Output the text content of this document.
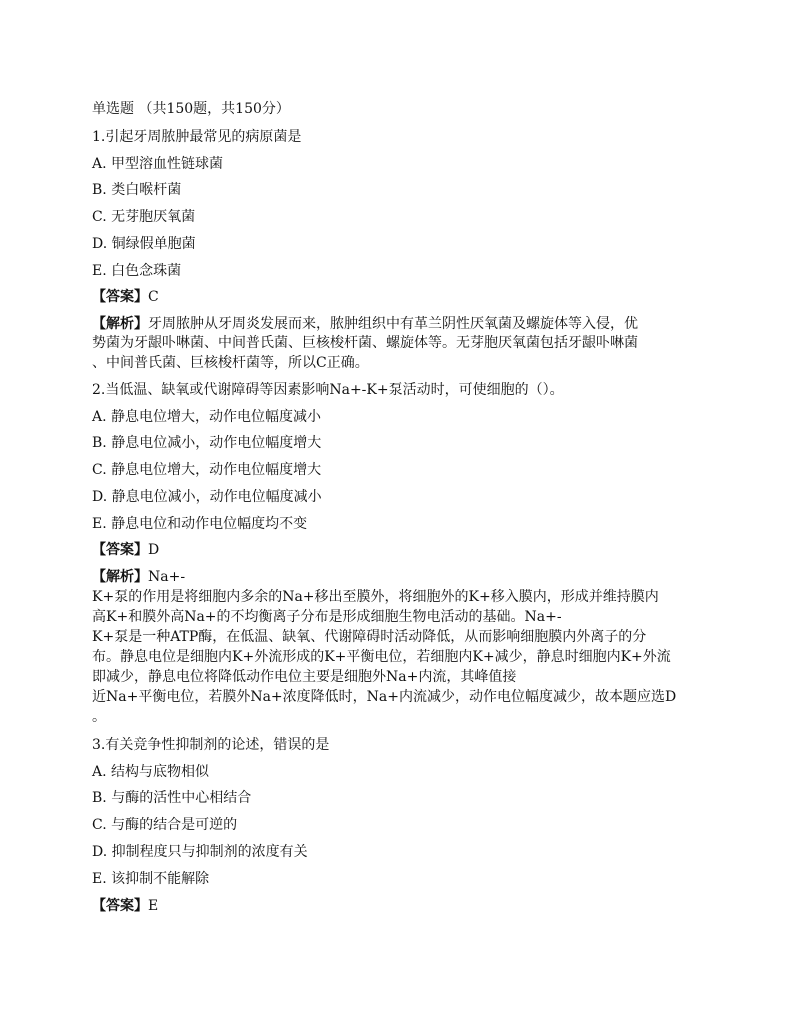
单选题 （共150题，共150分）
1.引起牙周脓肿最常见的病原菌是
A. 甲型溶血性链球菌
B. 类白喉杆菌
C. 无芽胞厌氧菌
D. 铜绿假单胞菌
E. 白色念珠菌
【答案】C
【解析】牙周脓肿从牙周炎发展而来，脓肿组织中有革兰阴性厌氧菌及螺旋体等入侵，优
势菌为牙龈卟啉菌、中间普氏菌、巨核梭杆菌、螺旋体等。无芽胞厌氧菌包括牙龈卟啉菌
、中间普氏菌、巨核梭杆菌等，所以C正确。
2.当低温、缺氧或代谢障碍等因素影响Na+-K+泵活动时，可使细胞的（）。
A. 静息电位增大，动作电位幅度减小
B. 静息电位减小，动作电位幅度增大
C. 静息电位增大，动作电位幅度增大
D. 静息电位减小，动作电位幅度减小
E. 静息电位和动作电位幅度均不变
【答案】D
【解析】Na+-
K+泵的作用是将细胞内多余的Na+移出至膜外，将细胞外的K+移入膜内，形成并维持膜内
高K+和膜外高Na+的不均衡离子分布是形成细胞生物电活动的基础。Na+-
K+泵是一种ATP酶，在低温、缺氧、代谢障碍时活动降低，从而影响细胞膜内外离子的分
布。静息电位是细胞内K+外流形成的K+平衡电位，若细胞内K+减少，静息时细胞内K+外流
即减少，静息电位将降低动作电位主要是细胞外Na+内流，其峰值接
近Na+平衡电位，若膜外Na+浓度降低时，Na+内流减少，动作电位幅度减少，故本题应选D
。
3.有关竞争性抑制剂的论述，错误的是
A. 结构与底物相似
B. 与酶的活性中心相结合
C. 与酶的结合是可逆的
D. 抑制程度只与抑制剂的浓度有关
E. 该抑制不能解除
【答案】E
